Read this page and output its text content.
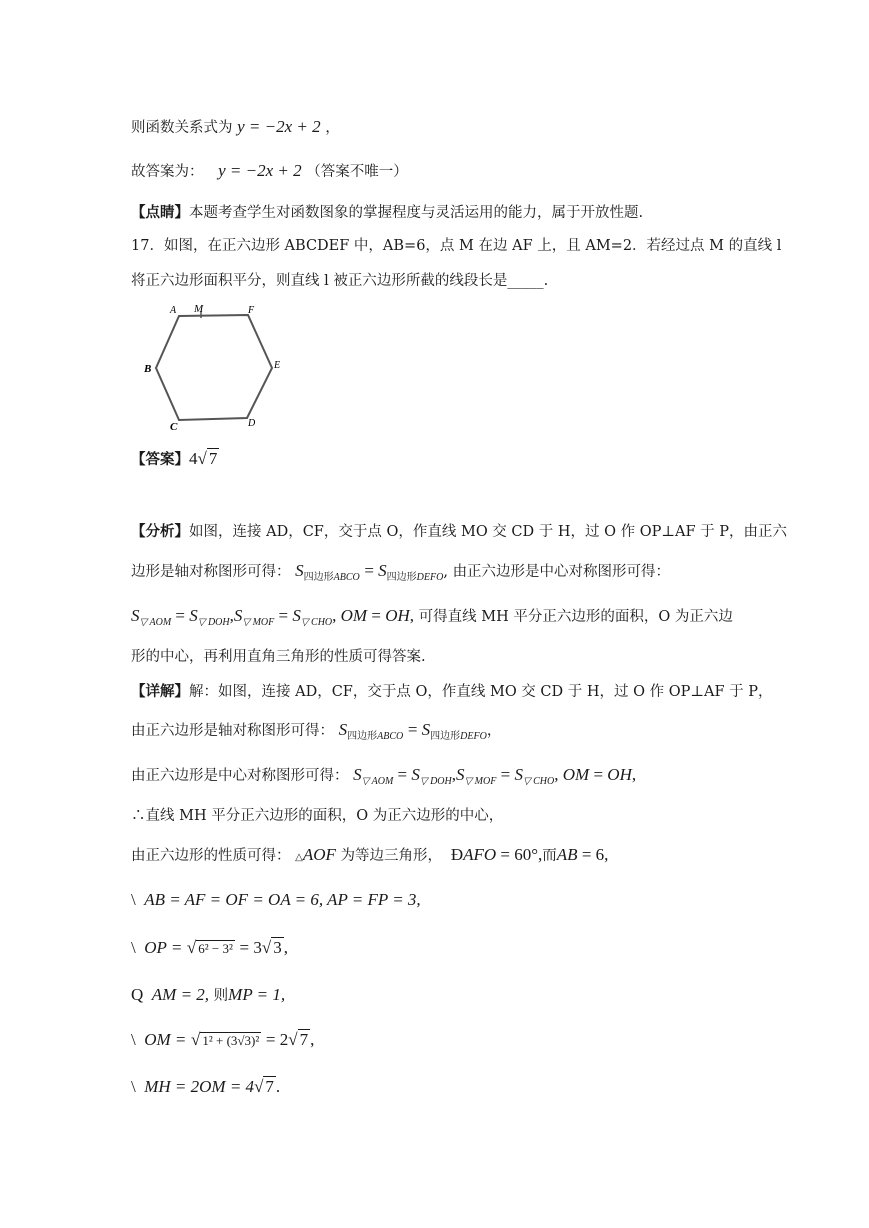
则函数关系式为 y = −2x + 2 ，
故答案为： y = −2x + 2 （答案不唯一）
【点睛】本题考查学生对函数图象的掌握程度与灵活运用的能力，属于开放性题.
17．如图，在正六边形 ABCDEF 中，AB=6，点 M 在边 AF 上，且 AM=2．若经过点 M 的直线 l
将正六边形面积平分，则直线 l 被正六边形所截的线段长是_____.
A M	F
B	E
C	D
【答案】4√ 7
【分析】如图，连接 AD，CF，交于点 O，作直线 MO 交 CD 于 H，过 O 作 OP⊥AF 于 P，由正六
边形是轴对称图形可得： $S_{四边形ABCO} = S_{四边形DEFO}$, 由正六边形是中心对称图形可得：
$S_{▽ AOM} = S_{▽ DOH},S_{▽ MOF} = S_{▽ CHO}$, OM = OH, 可得直线 MH 平分正六边形的面积，O 为正六边
形的中心，再利用直角三角形的性质可得答案.
【详解】解：如图，连接 AD，CF，交于点 O，作直线 MO 交 CD 于 H，过 O 作 OP⊥AF 于 P，
由正六边形是轴对称图形可得： $S_{四边形ABCO} = S_{四边形DEFO}$，
由正六边形是中心对称图形可得： $S_{▽ AOM} = S_{▽ DOH},S_{▽ MOF} = S_{▽ CHO}$, OM = OH,
∴直线 MH 平分正六边形的面积，O 为正六边形的中心，
由正六边形的性质可得： △AOF 为等边三角形，  ÐAFO = 60°,而AB = 6,
\  AB = AF = OF = OA = 6, AP = FP = 3,
\  OP = √ 6² − 3² = 3√ 3 ,
Q  AM = 2, 则MP = 1,
\  OM = √ 1² + (3√3)² = 2√ 7 ,
\  MH = 2OM = 4√ 7 .
